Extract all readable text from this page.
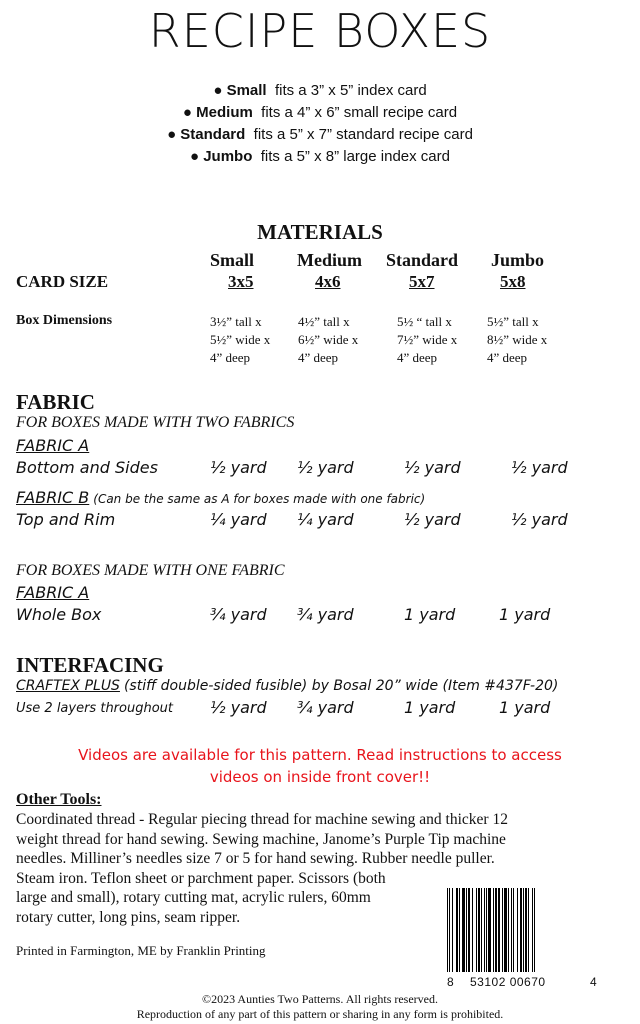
RECIPE BOXES
● Small fits a 3” x 5” index card
● Medium fits a 4” x 6” small recipe card
● Standard fits a 5” x 7” standard recipe card
● Jumbo fits a 5” x 8” large index card
MATERIALS
Small Medium Standard Jumbo
CARD SIZE	3x5	4x6	5x7	5x8
Box Dimensions	3½” tall x
5½” wide x
4” deep
4½” tall x
6½” wide x
4” deep
5½ “ tall x
7½” wide x
4” deep
5½” tall x
8½” wide x
4” deep
FABRIC
FOR BOXES MADE WITH TWO FABRICS
FABRIC A
Bottom and Sides	½ yard ½ yard	½ yard	½ yard
FABRIC B (Can be the same as A for boxes made with one fabric)
Top and Rim	¼ yard ¼ yard	½ yard	½ yard
FOR BOXES MADE WITH ONE FABRIC
FABRIC A
Whole Box	¾ yard ¾ yard	1 yard	1 yard
INTERFACING
CRAFTEX PLUS (stiff double-sided fusible) by Bosal 20” wide (Item #437F-20)
Use 2 layers throughout ½ yard ¾ yard	1 yard	1 yard
Videos are available for this pattern. Read instructions to access
videos on inside front cover!!
Other Tools:
Coordinated thread - Regular piecing thread for machine sewing and thicker 12
weight thread for hand sewing. Sewing machine, Janome’s Purple Tip machine
needles. Milliner’s needles size 7 or 5 for hand sewing. Rubber needle puller.
Steam iron. Teflon sheet or parchment paper. Scissors (both
large and small), rotary cutting mat, acrylic rulers, 60mm
rotary cutter, long pins, seam ripper.
Printed in Farmington, ME by Franklin Printing
8 53102 00670	4
©2023 Aunties Two Patterns. All rights reserved.
Reproduction of any part of this pattern or sharing in any form is prohibited.
